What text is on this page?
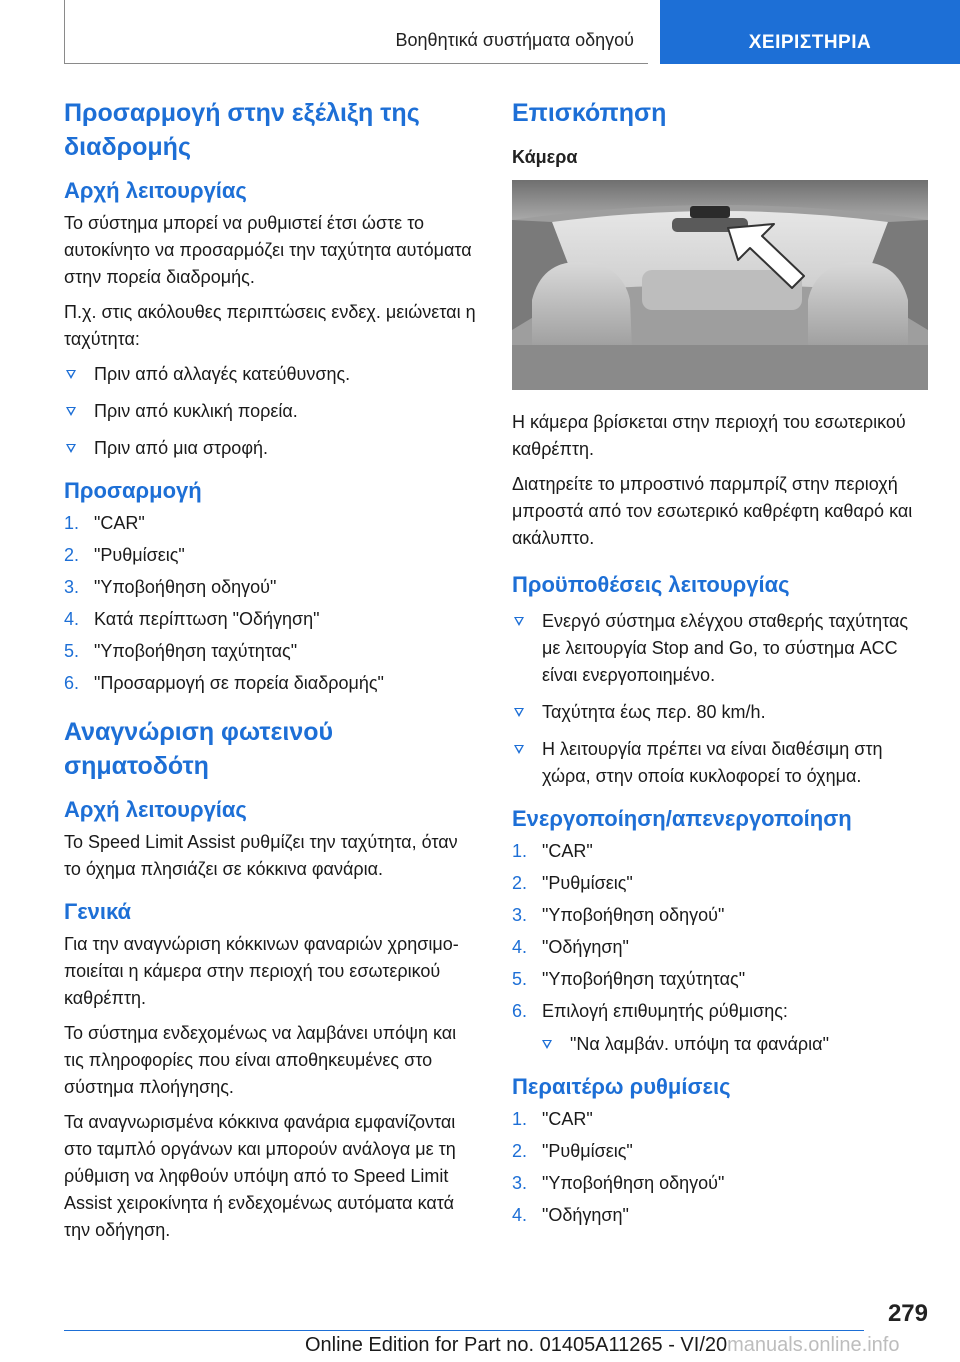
Βοηθητικά συστήματα οδηγού	ΧΕΙΡΙΣΤΗΡΙΑ
Προσαρμογή στην εξέλιξη της διαδρομής
Αρχή λειτουργίας

Το σύστημα μπορεί να ρυθμιστεί έτσι ώστε το αυτοκίνητο να προσαρμόζει την ταχύτητα αυτόματα στην πορεία διαδρομής.

Π.χ. στις ακόλουθες περιπτώσεις ενδεχ. μειώνεται η ταχύτητα:

Πριν από αλλαγές κατεύθυνσης.
Πριν από κυκλική πορεία.
Πριν από μια στροφή.
Προσαρμογή
1. "CAR"
2. "Ρυθμίσεις"
3. "Υποβοήθηση οδηγού"
4. Κατά περίπτωση "Οδήγηση"
5. "Υποβοήθηση ταχύτητας"
6. "Προσαρμογή σε πορεία διαδρομής"
Αναγνώριση φωτεινού σηματοδότη
Αρχή λειτουργίας

Το Speed Limit Assist ρυθμίζει την ταχύτητα, όταν το όχημα πλησιάζει σε κόκκινα φανάρια.

Γενικά

Για την αναγνώριση κόκκινων φαναριών χρησιμοποιείται η κάμερα στην περιοχή του εσωτερικού καθρέπτη.

Το σύστημα ενδεχομένως να λαμβάνει υπόψη και τις πληροφορίες που είναι αποθηκευμένες στο σύστημα πλοήγησης.

Τα αναγνωρισμένα κόκκινα φανάρια εμφανίζονται στο ταμπλό οργάνων και μπορούν ανάλογα με τη ρύθμιση να ληφθούν υπόψη από το Speed Limit Assist χειροκίνητα ή ενδεχομένως αυτόματα κατά την οδήγηση.

Επισκόπηση
Κάμερα

Η κάμερα βρίσκεται στην περιοχή του εσωτερικού καθρέπτη.

Διατηρείτε το μπροστινό παρμπρίζ στην περιοχή μπροστά από τον εσωτερικό καθρέφτη καθαρό και ακάλυπτο.

Προϋποθέσεις λειτουργίας
Ενεργό σύστημα ελέγχου σταθερής ταχύτητας με λειτουργία Stop and Go, το σύστημα ACC είναι ενεργοποιημένο.
Ταχύτητα έως περ. 80 km/h.
Η λειτουργία πρέπει να είναι διαθέσιμη στη χώρα, στην οποία κυκλοφορεί το όχημα.
Ενεργοποίηση/απενεργοποίηση
1. "CAR"
2. "Ρυθμίσεις"
3. "Υποβοήθηση οδηγού"
4. "Οδήγηση"
5. "Υποβοήθηση ταχύτητας"
6. Επιλογή επιθυμητής ρύθμισης:
"Να λαμβάν. υπόψη τα φανάρια"
Περαιτέρω ρυθμίσεις
1. "CAR"
2. "Ρυθμίσεις"
3. "Υποβοήθηση οδηγού"
4. "Οδήγηση"
279
Online Edition for Part no. 01405A11265 - VI/20manuals.online.info
